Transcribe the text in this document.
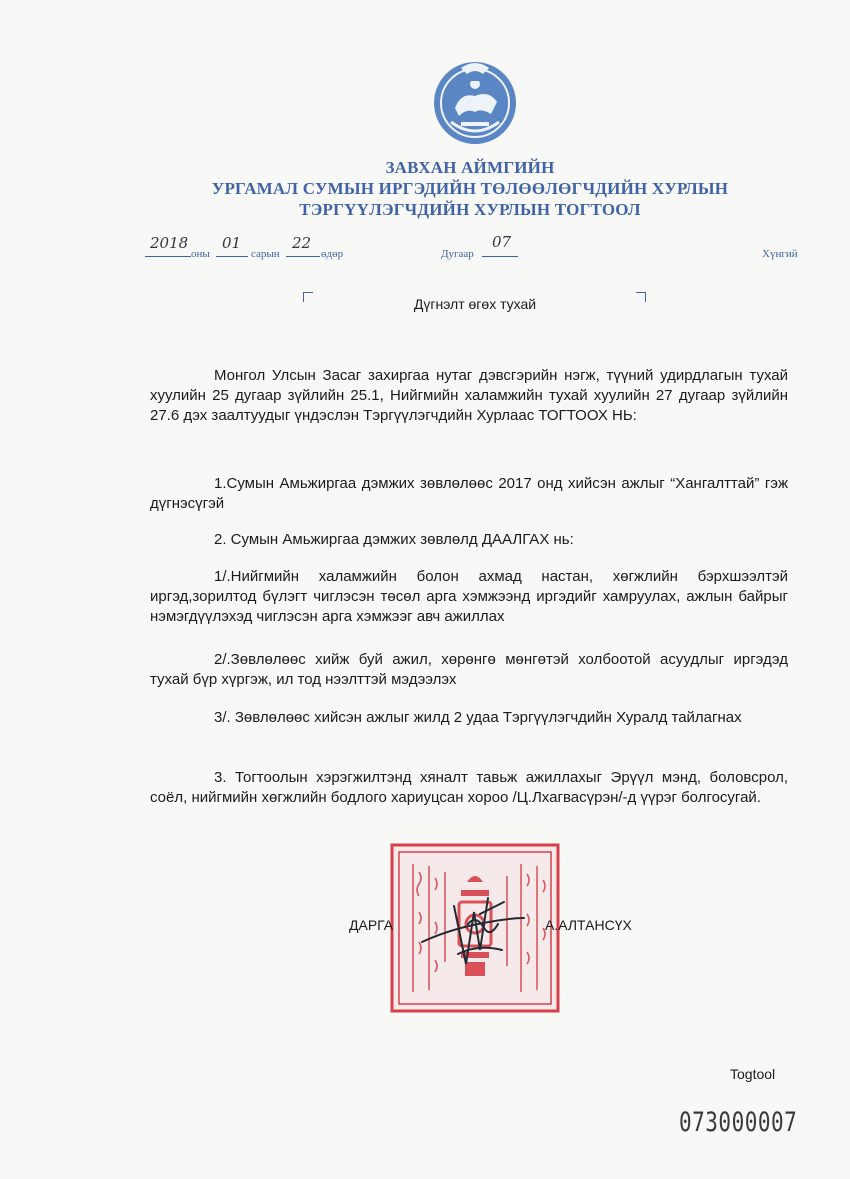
ЗАВХАН АЙМГИЙН
УРГАМАЛ СУМЫН ИРГЭДИЙН ТӨЛӨӨЛӨГЧДИЙН ХУРЛЫН
ТЭРГҮҮЛЭГЧДИЙН ХУРЛЫН ТОГТООЛ
2018
оны
01
сарын
22
өдөр	Дугаар
07
Хүнгий
Дүгнэлт өгөх тухай

Монгол Улсын Засаг захиргаа нутаг дэвсгэрийн нэгж, түүний удирдлагын тухай хуулийн 25 дугаар зүйлийн 25.1, Нийгмийн халамжийн тухай хуулийн 27 дугаар зүйлийн 27.6 дэх заалтуудыг үндэслэн Тэргүүлэгчдийн Хурлаас ТОГТООХ НЬ:

1.Сумын Амьжиргаа дэмжих зөвлөлөөс 2017 онд хийсэн ажлыг “Хангалттай” гэж дүгнэсүгэй

2. Сумын Амьжиргаа дэмжих зөвлөлд ДААЛГАХ нь:

1/.Нийгмийн халамжийн болон ахмад настан, хөгжлийн бэрхшээлтэй иргэд,зорилтод бүлэгт чиглэсэн төсөл арга хэмжээнд иргэдийг хамруулах, ажлын байрыг нэмэгдүүлэхэд чиглэсэн арга хэмжээг авч ажиллах

2/.Зөвлөлөөс хийж буй ажил, хөрөнгө мөнгөтэй холбоотой асуудлыг иргэдэд тухай бүр хүргэж, ил тод нээлттэй мэдээлэх

3/. Зөвлөлөөс хийсэн ажлыг жилд 2 удаа Тэргүүлэгчдийн Хуралд тайлагнах

3. Тогтоолын хэрэгжилтэнд хяналт тавьж ажиллахыг Эрүүл мэнд, боловсрол, соёл, нийгмийн хөгжлийн бодлого хариуцсан хороо /Ц.Лхагвасүрэн/-д үүрэг болгосугай.

ДАРГА	А.АЛТАНСҮХ
Togtool
073000007
